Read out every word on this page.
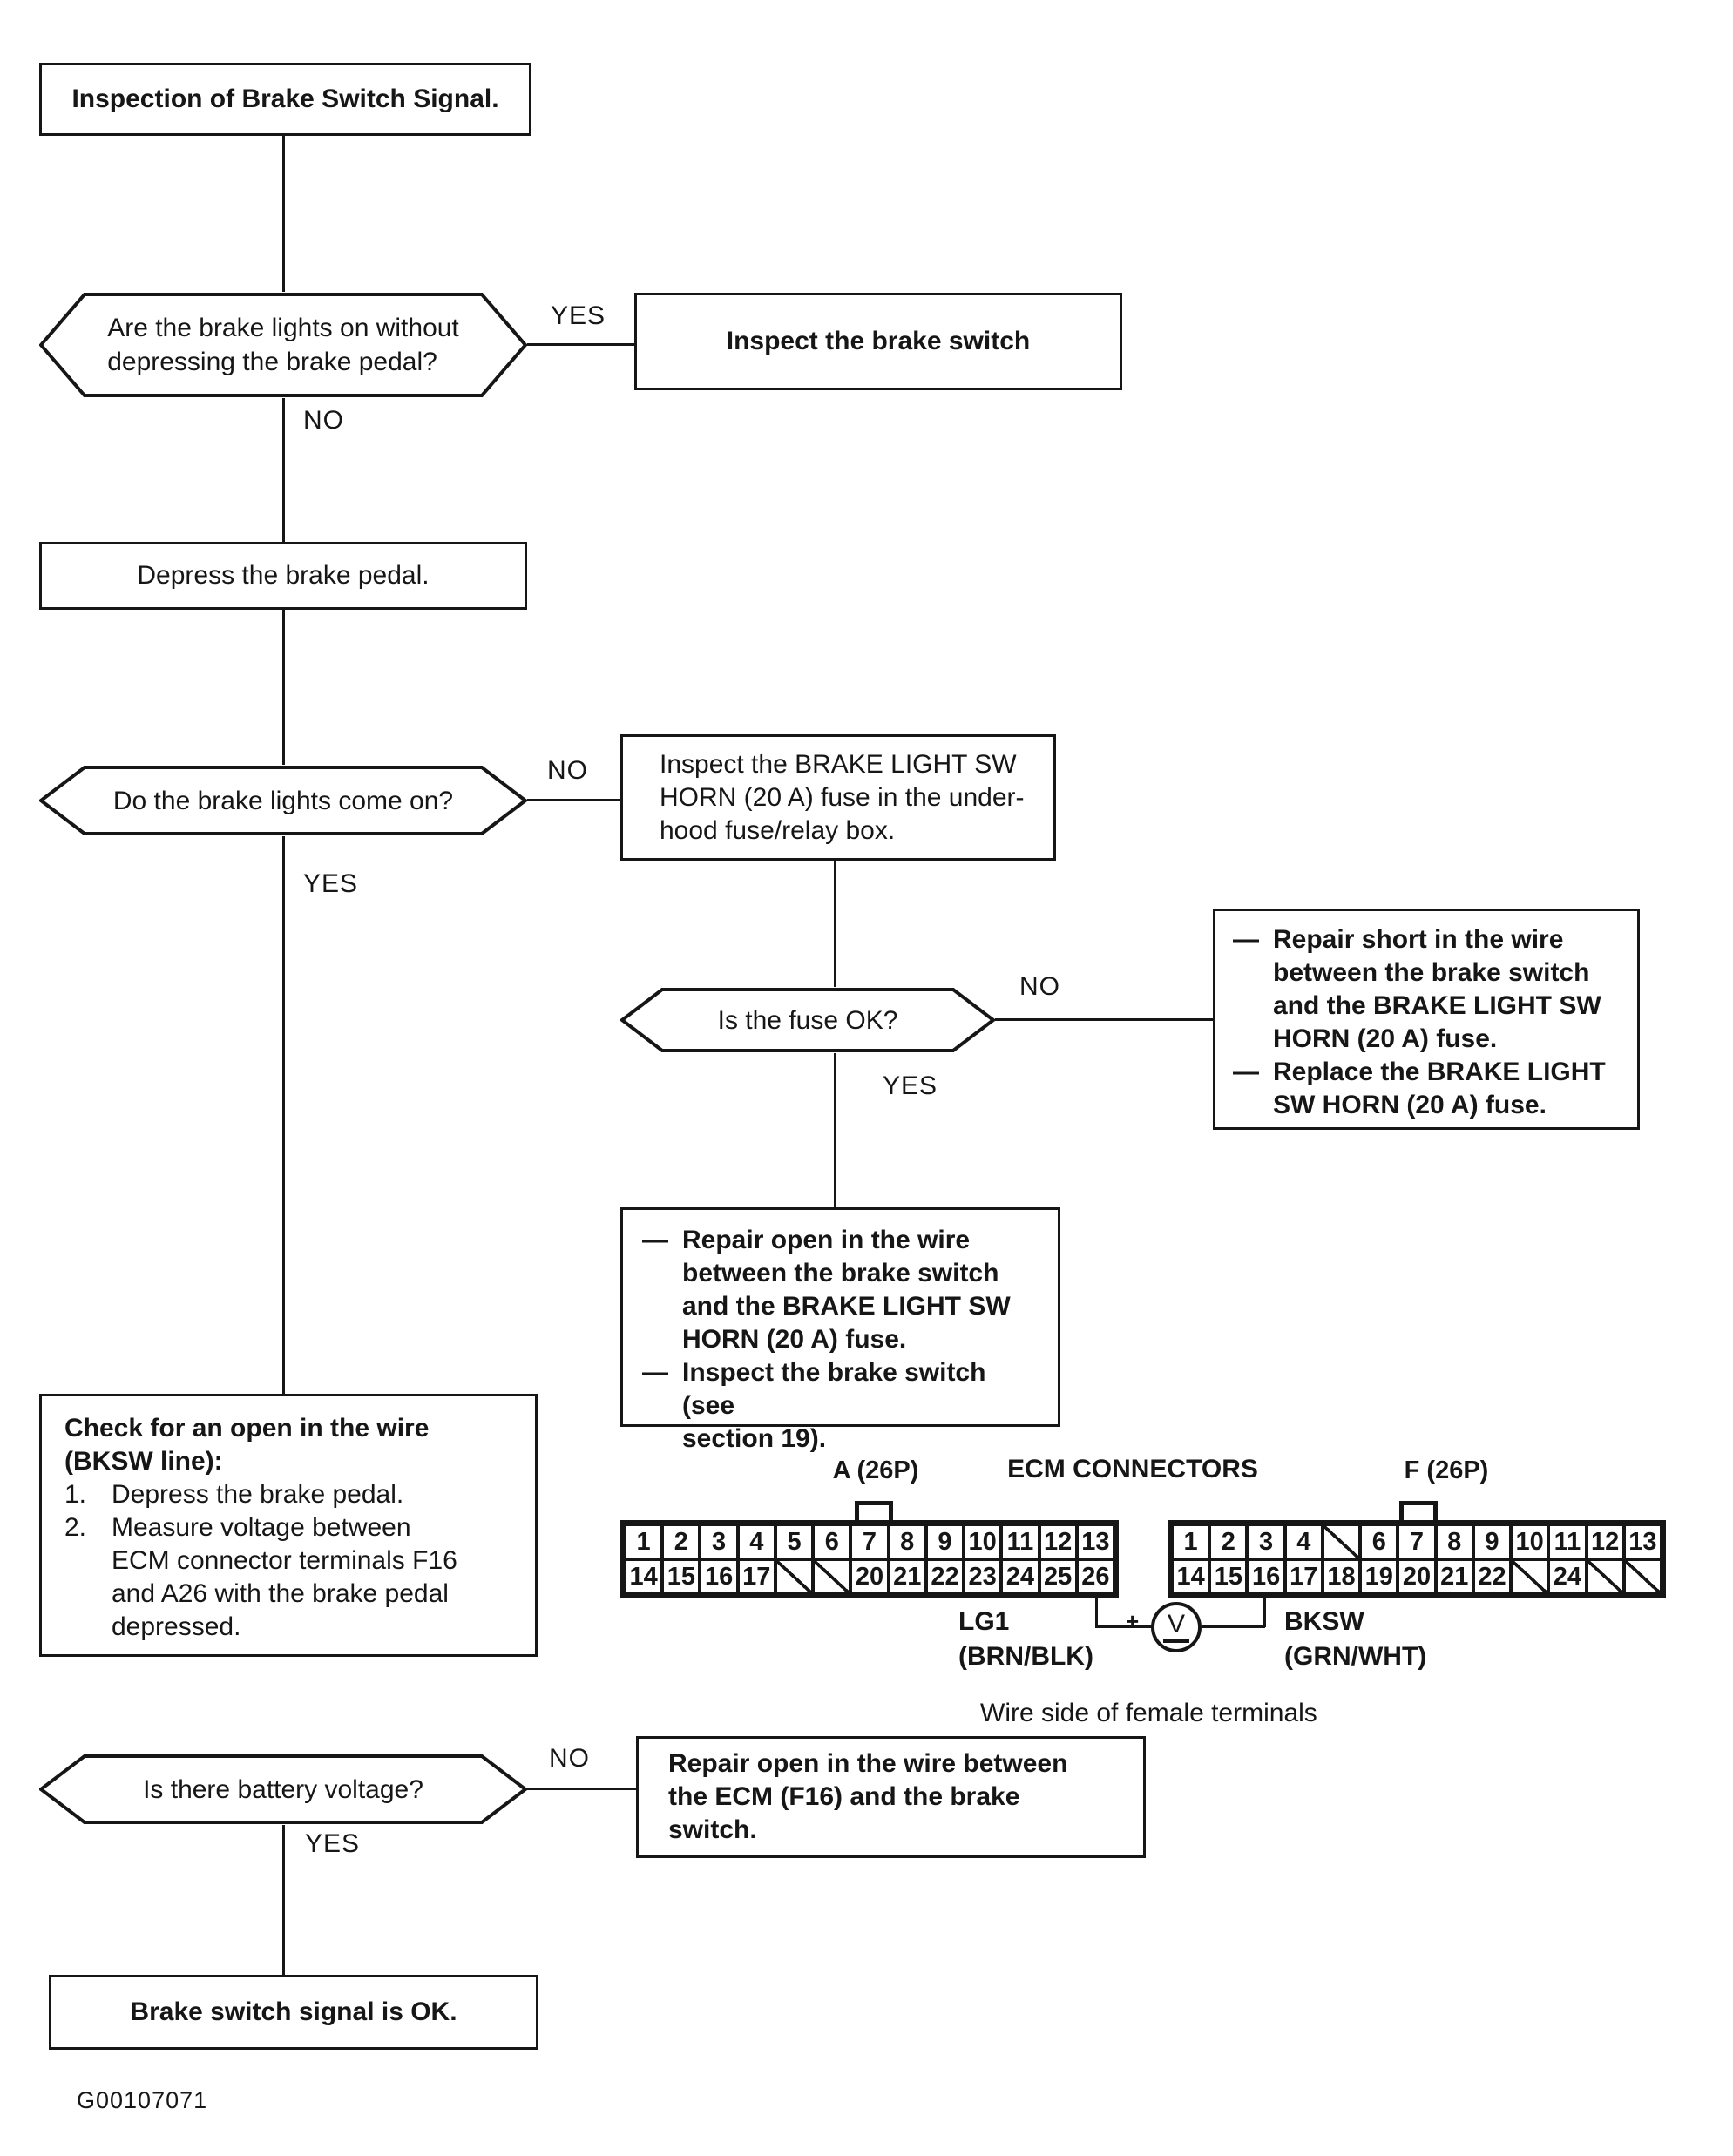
Inspection of Brake Switch Signal.
Are the brake lights on without
depressing the brake pedal?
YES
Inspect the brake switch
NO
Depress the brake pedal.
Do the brake lights come on?
NO	Inspect the BRAKE LIGHT SW
HORN (20 A) fuse in the under-
hood fuse/relay box.
YES
Is the fuse OK?
NO
— Repair short in the wire
between the brake switch
and the BRAKE LIGHT SW
HORN (20 A) fuse.
— Replace the BRAKE LIGHT
SW HORN (20 A) fuse.
YES
— Repair open in the wire
between the brake switch
and the BRAKE LIGHT SW
HORN (20 A) fuse.
— Inspect the brake switch (see
section 19).
Check for an open in the wire
(BKSW line):
1. Depress the brake pedal.
2. Measure voltage between
ECM connector terminals F16
and A26 with the brake pedal
depressed.
A (26P)	ECM CONNECTORS	F (26P)
1 2 3 4 5 6 7 8 9 10 11 12 13
14 15 16 17	20 21 22 23 24 25 26
1 2 3 4	6 7 8 9 10 11 12 13
14 15 16 17 18 19 20 21 22 24
+ V
LG1
(BRN/BLK)
BKSW
(GRN/WHT)
Wire side of female terminals
Is there battery voltage?
NO	Repair open in the wire between
the ECM (F16) and the brake
switch.
YES
Brake switch signal is OK.
G00107071
